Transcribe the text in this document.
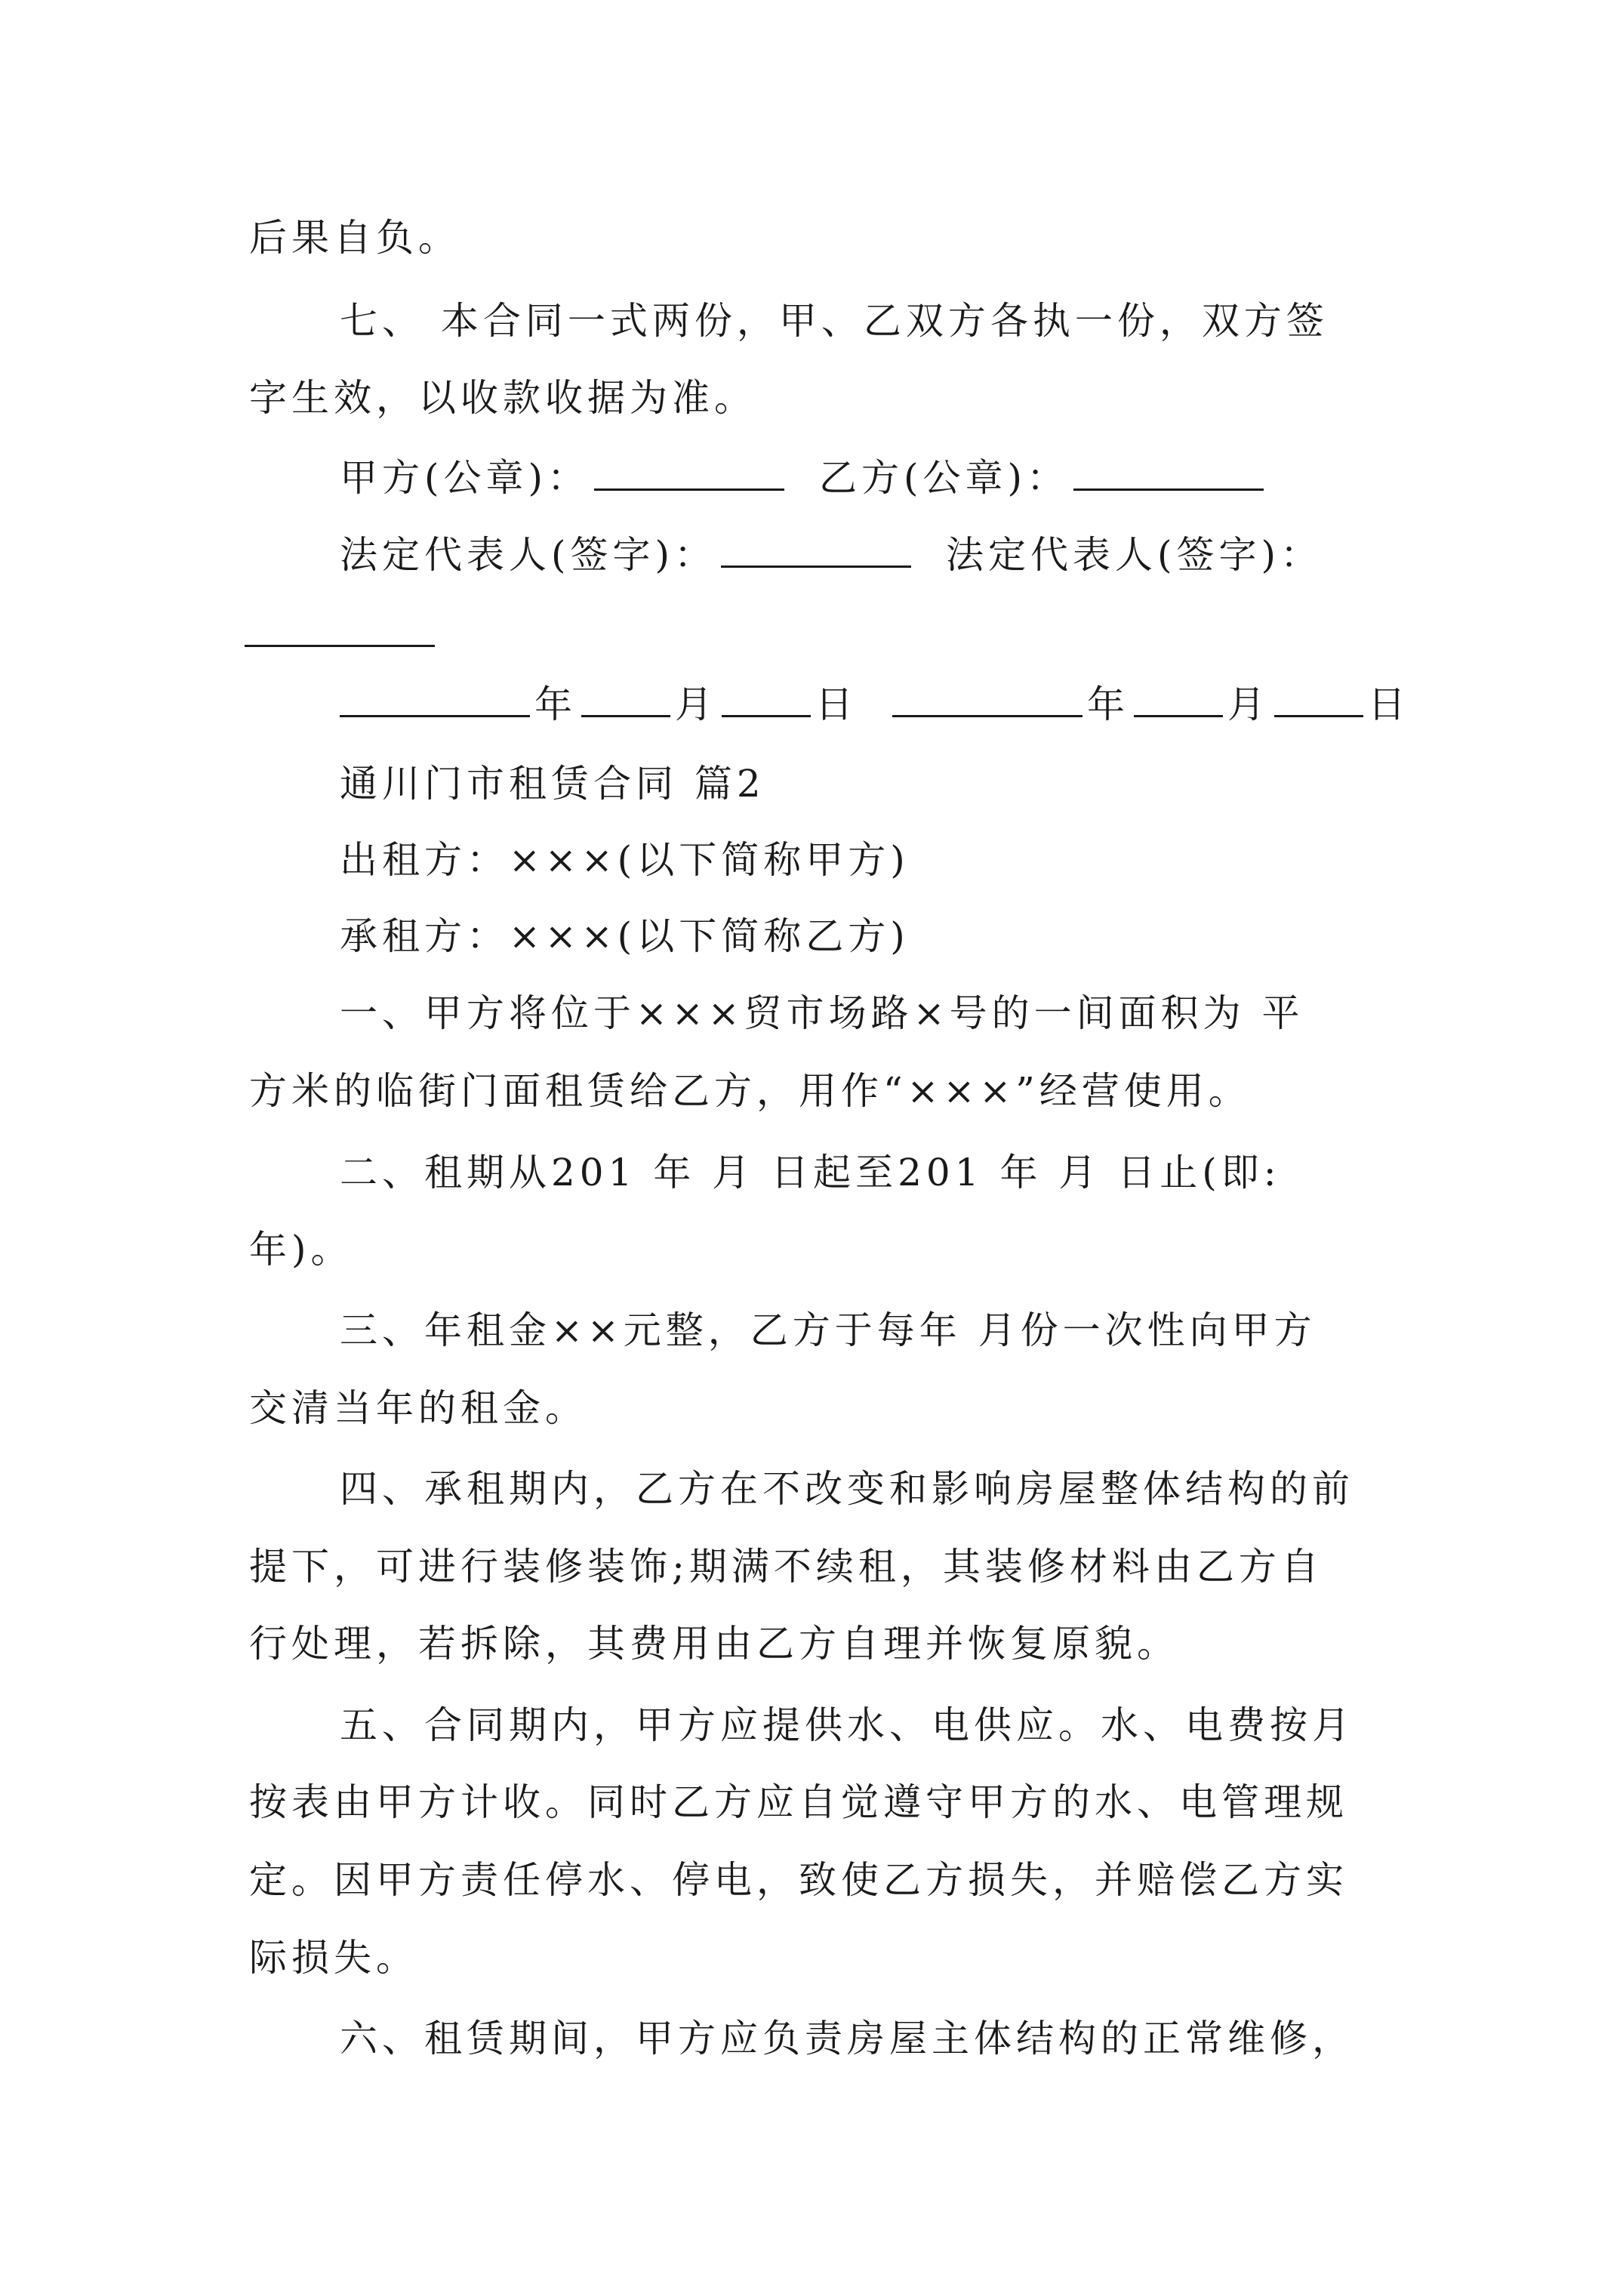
后果自负。
七、 本合同一式两份，甲、乙双方各执一份，双方签
字生效，以收款收据为准。
甲方(公章)：	乙方(公章)：
法定代表人(签字)：	法定代表人(签字)：
年	月	日	年	月	日
通川门市租赁合同 篇2
出租方：×××(以下简称甲方)
承租方：×××(以下简称乙方)
一、甲方将位于×××贸市场路×号的一间面积为 平
方米的临街门面租赁给乙方，用作“×××”经营使用。
二、租期从201 年 月 日起至201 年 月 日止(即:
年)。
三、年租金××元整，乙方于每年 月份一次性向甲方
交清当年的租金。
四、承租期内，乙方在不改变和影响房屋整体结构的前
提下，可进行装修装饰;期满不续租，其装修材料由乙方自
行处理，若拆除，其费用由乙方自理并恢复原貌。
五、合同期内，甲方应提供水、电供应。水、电费按月
按表由甲方计收。同时乙方应自觉遵守甲方的水、电管理规
定。因甲方责任停水、停电，致使乙方损失，并赔偿乙方实
际损失。
六、租赁期间，甲方应负责房屋主体结构的正常维修，
